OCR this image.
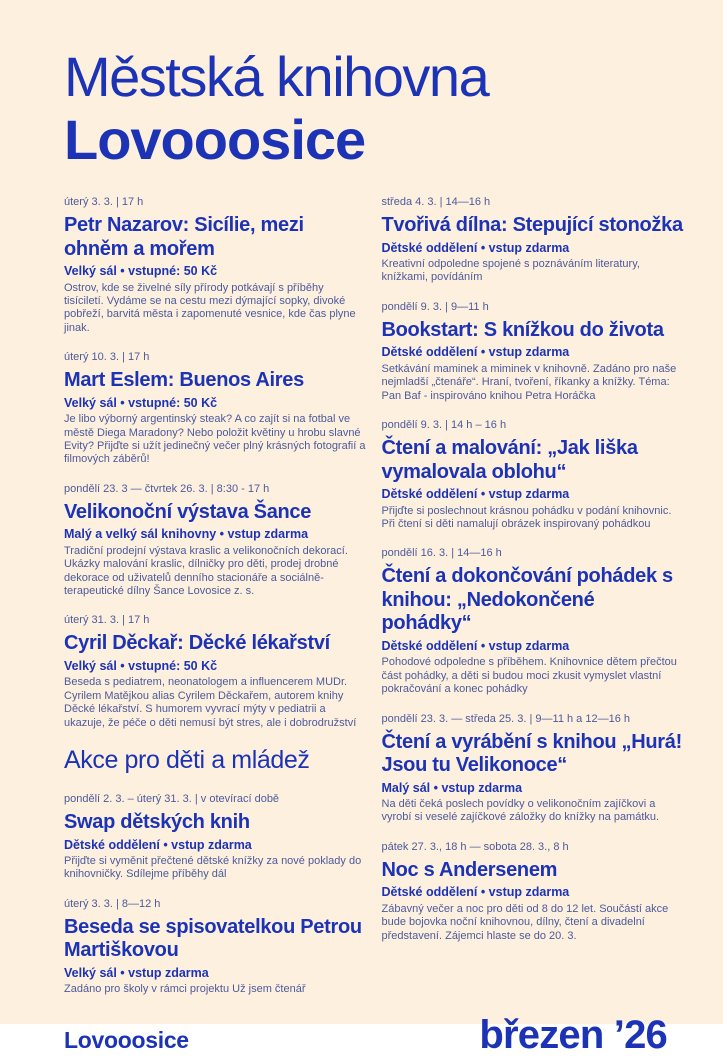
Městská knihovna
Lovooosice
úterý 3. 3. | 17 h
Petr Nazarov: Sicílie, mezi ohněm a mořem
Velký sál • vstupné: 50 Kč

Ostrov, kde se živelné síly přírody potkávají s příběhy tisíciletí. Vydáme se na cestu mezi dýmající sopky, divoké pobřeží, barvitá města i zapomenuté vesnice, kde čas plyne jinak.

úterý 10. 3. | 17 h
Mart Eslem: Buenos Aires
Velký sál • vstupné: 50 Kč

Je libo výborný argentinský steak? A co zajít si na fotbal ve městě Diega Maradony? Nebo položit květiny u hrobu slavné Evity? Přijďte si užít jedinečný večer plný krásných fotografií a filmových záběrů!

pondělí 23. 3 — čtvrtek 26. 3. | 8:30 - 17 h
Velikonoční výstava Šance
Malý a velký sál knihovny • vstup zdarma

Tradiční prodejní výstava kraslic a velikonočních dekorací. Ukázky malování kraslic, dílničky pro děti, prodej drobné dekorace od uživatelů denního stacionáře a sociálně-terapeutické dílny Šance Lovosice z. s.

úterý 31. 3. | 17 h
Cyril Děckař: Děcké lékařství
Velký sál • vstupné: 50 Kč

Beseda s pediatrem, neonatologem a influencerem MUDr. Cyrilem Matějkou alias Cyrilem Děckařem, autorem knihy Děcké lékařství. S humorem vyvrací mýty v pediatrii a ukazuje, že péče o děti nemusí být stres, ale i dobrodružství

Akce pro děti a mládež
pondělí 2. 3. – úterý 31. 3. | v otevírací době
Swap dětských knih
Dětské oddělení • vstup zdarma

Přijďte si vyměnit přečtené dětské knížky za nové poklady do knihovničky. Sdílejme příběhy dál

úterý 3. 3. | 8—12 h
Beseda se spisovatelkou Petrou Martiškovou
Velký sál • vstup zdarma

Zadáno pro školy v rámci projektu Už jsem čtenář

středa 4. 3. | 14—16 h
Tvořivá dílna: Stepující stonožka
Dětské oddělení • vstup zdarma

Kreativní odpoledne spojené s poznáváním literatury, knížkami, povídáním

pondělí 9. 3. | 9—11 h
Bookstart: S knížkou do života
Dětské oddělení • vstup zdarma

Setkávání maminek a miminek v knihovně. Zadáno pro naše nejmladší „čtenáře“. Hraní, tvoření, říkanky a knížky. Téma: Pan Baf - inspirováno knihou Petra Horáčka

pondělí 9. 3. | 14 h – 16 h
Čtení a malování: „Jak liška vymalovala oblohu“
Dětské oddělení • vstup zdarma

Přijďte si poslechnout krásnou pohádku v podání knihovnic. Při čtení si děti namalují obrázek inspirovaný pohádkou

pondělí 16. 3. | 14—16 h
Čtení a dokončování pohádek s knihou: „Nedokončené pohádky“
Dětské oddělení • vstup zdarma

Pohodové odpoledne s příběhem. Knihovnice dětem přečtou část pohádky, a děti si budou moci zkusit vymyslet vlastní pokračování a konec pohádky

pondělí 23. 3. — středa 25. 3. | 9—11 h a 12—16 h
Čtení a vyrábění s knihou „Hurá! Jsou tu Velikonoce“
Malý sál • vstup zdarma

Na děti čeká poslech povídky o velikonočním zajíčkovi a vyrobí si veselé zajíčkové záložky do knížky na památku.

pátek 27. 3., 18 h — sobota 28. 3., 8 h
Noc s Andersenem
Dětské oddělení • vstup zdarma

Zábavný večer a noc pro děti od 8 do 12 let. Součástí akce bude bojovka noční knihovnou, dílny, čtení a divadelní představení. Zájemci hlaste se do 20. 3.

Lovooosice	březen ’26
